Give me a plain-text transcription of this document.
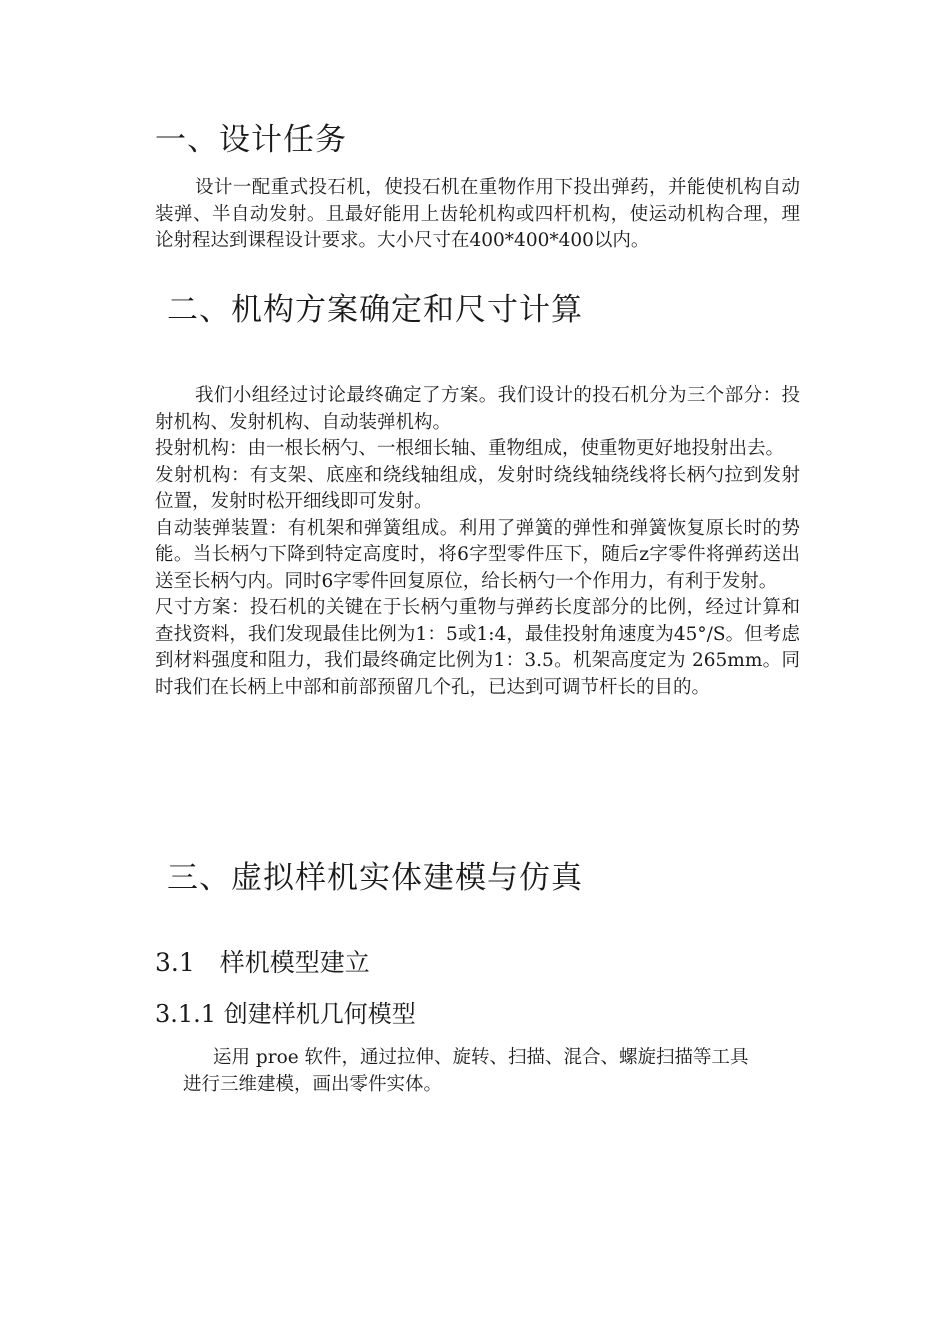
一、设计任务

设计一配重式投石机，使投石机在重物作用下投出弹药，并能使机构自动装弹、半自动发射。且最好能用上齿轮机构或四杆机构，使运动机构合理，理论射程达到课程设计要求。大小尺寸在400*400*400以内。

二、机构方案确定和尺寸计算

我们小组经过讨论最终确定了方案。我们设计的投石机分为三个部分：投射机构、发射机构、自动装弹机构。

投射机构：由一根长柄勺、一根细长轴、重物组成，使重物更好地投射出去。

发射机构：有支架、底座和绕线轴组成，发射时绕线轴绕线将长柄勺拉到发射位置，发射时松开细线即可发射。

自动装弹装置：有机架和弹簧组成。利用了弹簧的弹性和弹簧恢复原长时的势能。当长柄勺下降到特定高度时，将6字型零件压下，随后z字零件将弹药送出送至长柄勺内。同时6字零件回复原位，给长柄勺一个作用力，有利于发射。

尺寸方案：投石机的关键在于长柄勺重物与弹药长度部分的比例，经过计算和查找资料，我们发现最佳比例为1：5或1:4，最佳投射角速度为45°/S。但考虑到材料强度和阻力，我们最终确定比例为1：3.5。机架高度定为 265mm。同时我们在长柄上中部和前部预留几个孔，已达到可调节杆长的目的。

三、虚拟样机实体建模与仿真
3.1　样机模型建立
3.1.1 创建样机几何模型

运用 proe 软件，通过拉伸、旋转、扫描、混合、螺旋扫描等工具

进行三维建模，画出零件实体。
